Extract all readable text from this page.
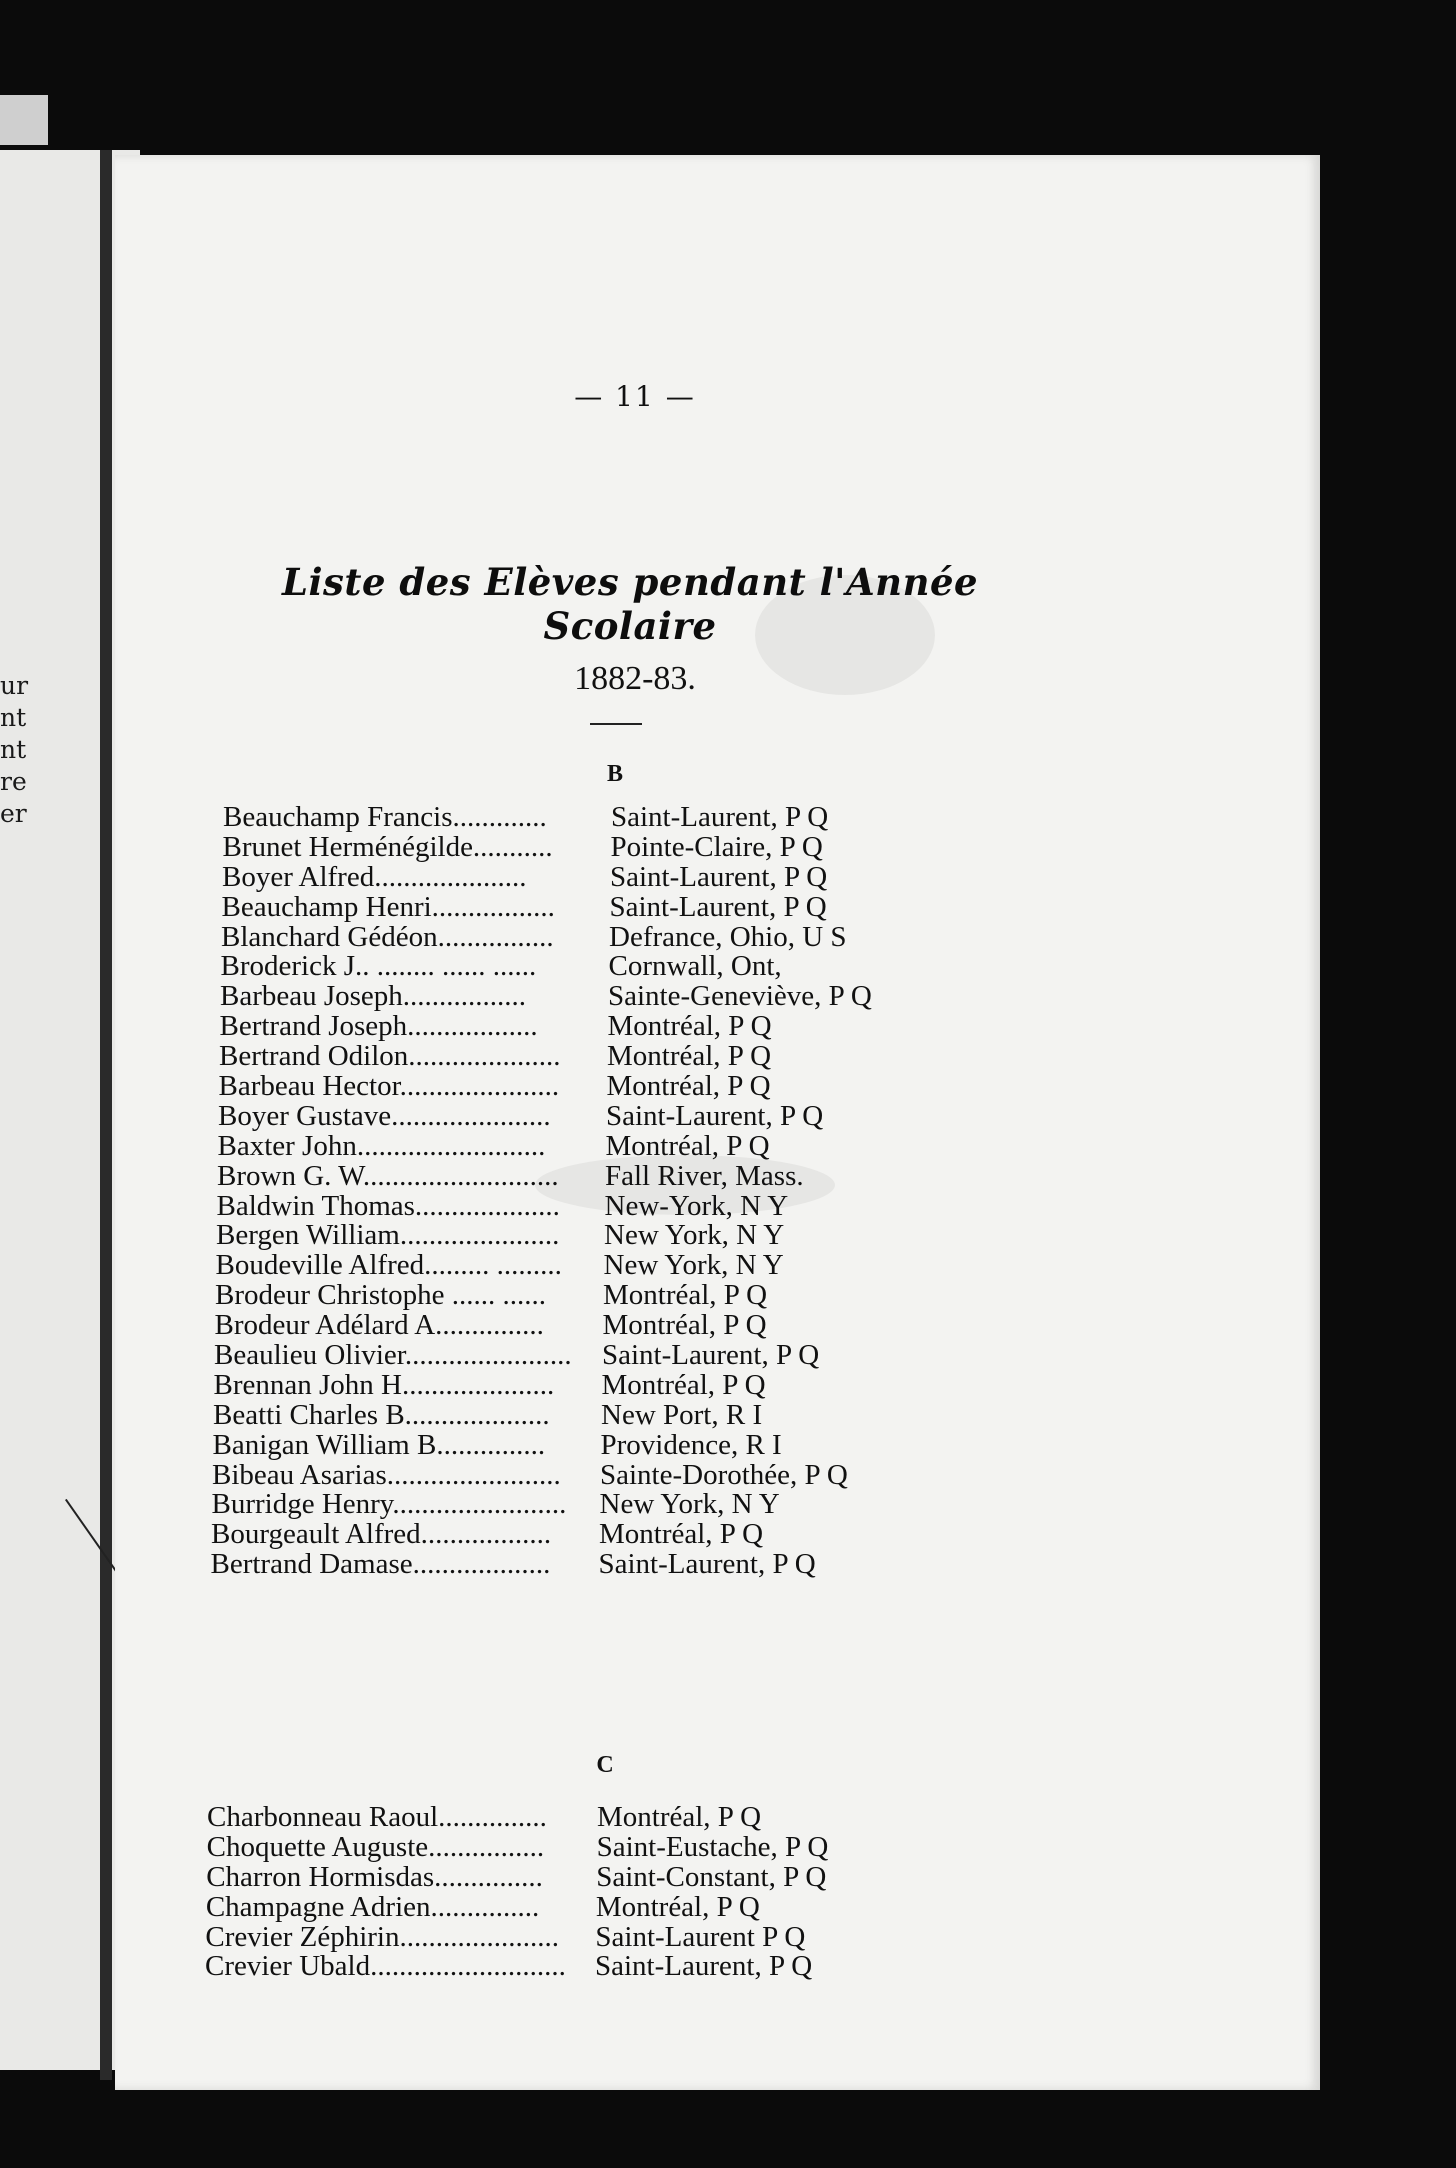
ur
nt
nt
re
er
— 11 —
Liste des Elèves pendant l'Année Scolaire
1882-83.
B
Beauchamp Francis............. Saint-Laurent, P Q
Brunet Herménégilde........... Pointe-Claire, P Q
Boyer Alfred.....................	Saint-Laurent, P Q
Beauchamp Henri................. Saint-Laurent, P Q
Blanchard Gédéon................ Defrance, Ohio, U S
Broderick J.. ........ ...... ...... Cornwall, Ont,
Barbeau Joseph.................	Sainte-Geneviève, P Q
Bertrand Joseph.................. Montréal, P Q
Bertrand Odilon..................... Montréal, P Q
Barbeau Hector...................... Montréal, P Q
Boyer Gustave...................... Saint-Laurent, P Q
Baxter John.......................... Montréal, P Q
Brown G. W........................... Fall River, Mass.
Baldwin Thomas.................... New-York, N Y
Bergen William...................... New York, N Y
Boudeville Alfred......... ......... New York, N Y
Brodeur Christophe ...... ...... Montréal, P Q
Brodeur Adélard A............... Montréal, P Q
Beaulieu Olivier....................... Saint-Laurent, P Q
Brennan John H..................... Montréal, P Q
Beatti Charles B.................... New Port, R I
Banigan William B............... Providence, R I
Bibeau Asarias........................ Sainte-Dorothée, P Q
Burridge Henry........................ New York, N Y
Bourgeault Alfred.................. Montréal, P Q
Bertrand Damase................... Saint-Laurent, P Q
C
Charbonneau Raoul............... Montréal, P Q
Choquette Auguste................ Saint-Eustache, P Q
Charron Hormisdas............... Saint-Constant, P Q
Champagne Adrien............... Montréal, P Q
Crevier Zéphirin...................... Saint-Laurent P Q
Crevier Ubald........................... Saint-Laurent, P Q
